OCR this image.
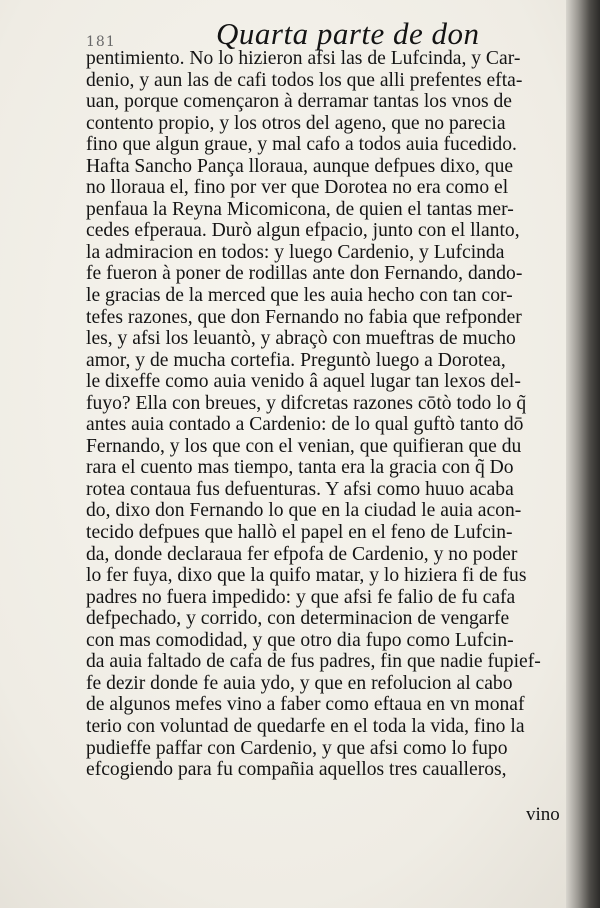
181	Quarta parte de don
pentimiento. No lo hizieron afsi las de Lufcinda, y Car-
denio, y aun las de cafi todos los que alli prefentes efta-
uan, porque començaron à derramar tantas los vnos de
contento propio, y los otros del ageno, que no parecia
fino que algun graue, y mal cafo a todos auia fucedido.
Hafta Sancho Pança lloraua, aunque defpues dixo, que
no lloraua el, fino por ver que Dorotea no era como el
penfaua la Reyna Micomicona, de quien el tantas mer-
cedes efperaua. Durò algun efpacio, junto con el llanto,
la admiracion en todos: y luego Cardenio, y Lufcinda
fe fueron à poner de rodillas ante don Fernando, dando-
le gracias de la merced que les auia hecho con tan cor-
tefes razones, que don Fernando no fabia que refponder
les, y afsi los leuantò, y abraçò con mueftras de mucho
amor, y de mucha cortefia. Preguntò luego a Dorotea,
le dixeffe como auia venido â aquel lugar tan lexos del-
fuyo? Ella con breues, y difcretas razones cōtò todo lo q̃
antes auia contado a Cardenio: de lo qual guftò tanto dō
Fernando, y los que con el venian, que quifieran que du
rara el cuento mas tiempo, tanta era la gracia con q̃ Do
rotea contaua fus defuenturas. Y afsi como huuo acaba
do, dixo don Fernando lo que en la ciudad le auia acon-
tecido defpues que hallò el papel en el feno de Lufcin-
da, donde declaraua fer efpofa de Cardenio, y no poder
lo fer fuya, dixo que la quifo matar, y lo hiziera fi de fus
padres no fuera impedido: y que afsi fe falio de fu cafa
defpechado, y corrido, con determinacion de vengarfe
con mas comodidad, y que otro dia fupo como Lufcin-
da auia faltado de cafa de fus padres, fin que nadie fupief-
fe dezir donde fe auia ydo, y que en refolucion al cabo
de algunos mefes vino a faber como eftaua en vn monaf
terio con voluntad de quedarfe en el toda la vida, fino la
pudieffe paffar con Cardenio, y que afsi como lo fupo
efcogiendo para fu compañia aquellos tres caualleros,
vino
